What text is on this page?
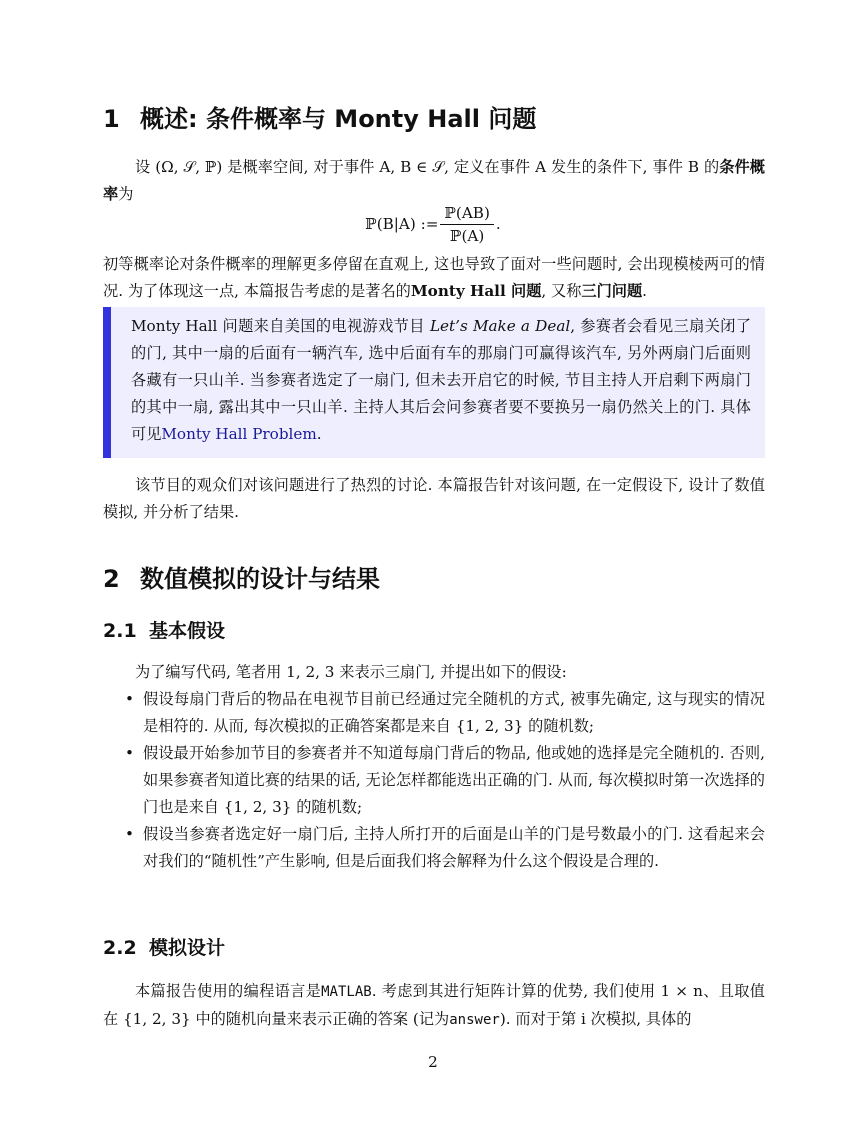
1 概述: 条件概率与 Monty Hall 问题

设 (Ω, 𝒮, ℙ) 是概率空间, 对于事件 A, B ∈ 𝒮, 定义在事件 A 发生的条件下, 事件 B 的条件概率为

ℙ(B|A) := $\frac{\text{ℙ(AB)}}{\text{ℙ(A)}}$ .

初等概率论对条件概率的理解更多停留在直观上, 这也导致了面对一些问题时, 会出现模棱两可的情况. 为了体现这一点, 本篇报告考虑的是著名的Monty Hall 问题, 又称三门问题.

Monty Hall 问题来自美国的电视游戏节目 Let’s Make a Deal, 参赛者会看见三扇关闭了的门, 其中一扇的后面有一辆汽车, 选中后面有车的那扇门可赢得该汽车, 另外两扇门后面则各藏有一只山羊. 当参赛者选定了一扇门, 但未去开启它的时候, 节目主持人开启剩下两扇门的其中一扇, 露出其中一只山羊. 主持人其后会问参赛者要不要换另一扇仍然关上的门. 具体可见Monty Hall Problem.

该节目的观众们对该问题进行了热烈的讨论. 本篇报告针对该问题, 在一定假设下, 设计了数值模拟, 并分析了结果.

2 数值模拟的设计与结果
2.1 基本假设

为了编写代码, 笔者用 1, 2, 3 来表示三扇门, 并提出如下的假设:

• 假设每扇门背后的物品在电视节目前已经通过完全随机的方式, 被事先确定, 这与现实的情况是相符的. 从而, 每次模拟的正确答案都是来自 {1, 2, 3} 的随机数;
• 假设最开始参加节目的参赛者并不知道每扇门背后的物品, 他或她的选择是完全随机的. 否则, 如果参赛者知道比赛的结果的话, 无论怎样都能选出正确的门. 从而, 每次模拟时第一次选择的门也是来自 {1, 2, 3} 的随机数;
• 假设当参赛者选定好一扇门后, 主持人所打开的后面是山羊的门是号数最小的门. 这看起来会对我们的“随机性”产生影响, 但是后面我们将会解释为什么这个假设是合理的.
2.2 模拟设计

本篇报告使用的编程语言是MATLAB. 考虑到其进行矩阵计算的优势, 我们使用 1 × n、且取值在 {1, 2, 3} 中的随机向量来表示正确的答案 (记为answer). 而对于第 i 次模拟, 具体的

2
